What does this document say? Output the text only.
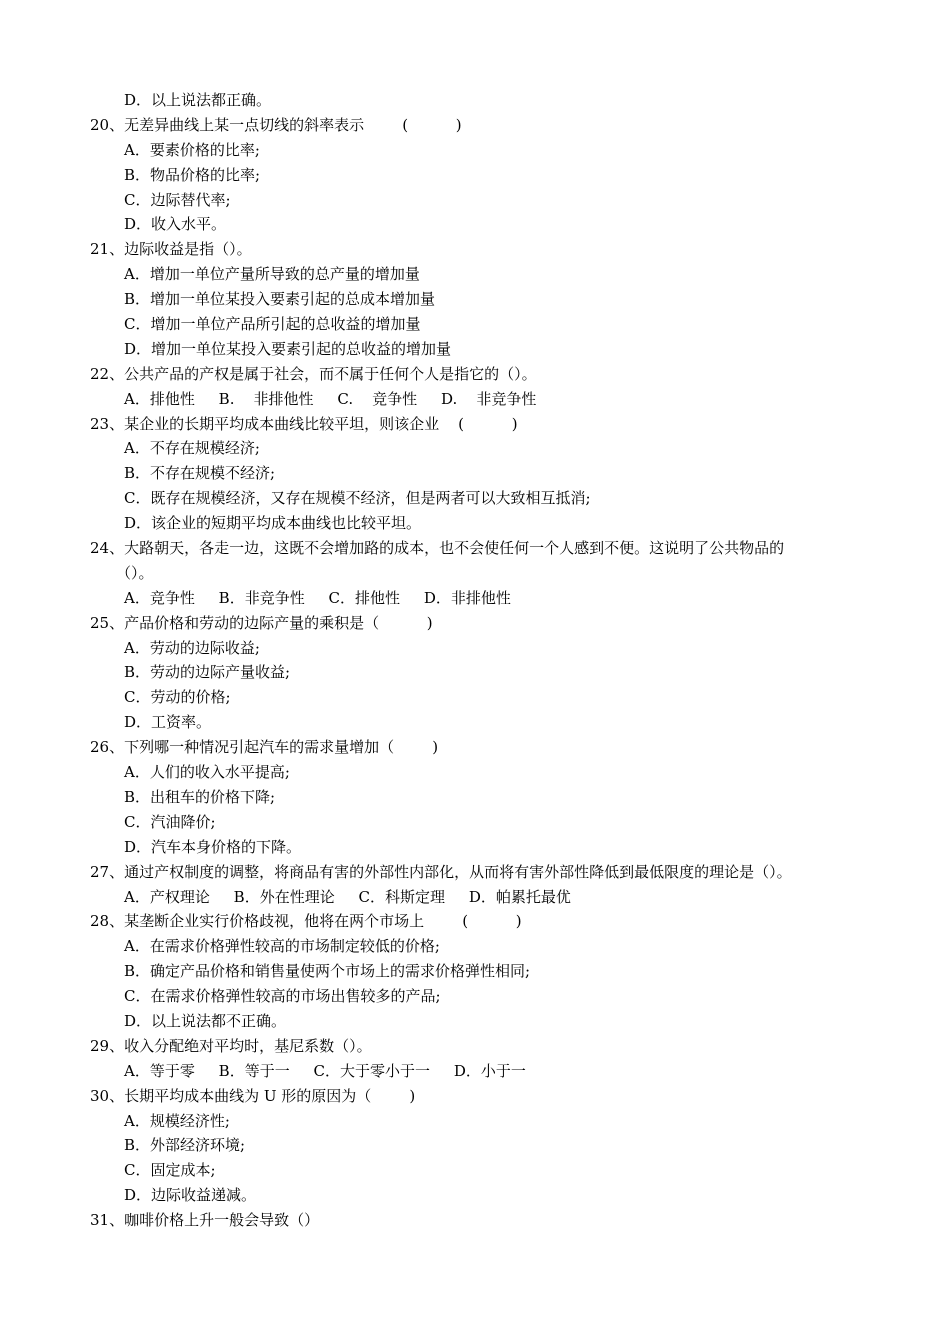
D．以上说法都正确。
20、无差异曲线上某一点切线的斜率表示        (          )
A．要素价格的比率;
B．物品价格的比率;
C．边际替代率;
D．收入水平。
21、边际收益是指（）。
A．增加一单位产量所导致的总产量的增加量
B．增加一单位某投入要素引起的总成本增加量
C．增加一单位产品所引起的总收益的增加量
D．增加一单位某投入要素引起的总收益的增加量
22、公共产品的产权是属于社会，而不属于任何个人是指它的（）。
A．排他性     B.    非排他性     C.    竞争性     D.    非竞争性
23、某企业的长期平均成本曲线比较平坦，则该企业    (          )
A．不存在规模经济;
B．不存在规模不经济;
C．既存在规模经济，又存在规模不经济，但是两者可以大致相互抵消;
D．该企业的短期平均成本曲线也比较平坦。
24、大路朝天，各走一边，这既不会增加路的成本，也不会使任何一个人感到不便。这说明了公共物品的
（）。
A．竞争性     B．非竞争性     C．排他性     D．非排他性
25、产品价格和劳动的边际产量的乘积是（          )
A．劳动的边际收益;
B．劳动的边际产量收益;
C．劳动的价格;
D．工资率。
26、下列哪一种情况引起汽车的需求量增加（        )
A．人们的收入水平提高;
B．出租车的价格下降;
C．汽油降价;
D．汽车本身价格的下降。
27、通过产权制度的调整，将商品有害的外部性内部化，从而将有害外部性降低到最低限度的理论是（）。
A．产权理论     B．外在性理论     C．科斯定理     D．帕累托最优
28、某垄断企业实行价格歧视，他将在两个市场上        (          )
A．在需求价格弹性较高的市场制定较低的价格;
B．确定产品价格和销售量使两个市场上的需求价格弹性相同;
C．在需求价格弹性较高的市场出售较多的产品;
D．以上说法都不正确。
29、收入分配绝对平均时，基尼系数（）。
A．等于零     B．等于一     C．大于零小于一     D．小于一
30、长期平均成本曲线为 U 形的原因为（        )
A．规模经济性;
B．外部经济环境;
C．固定成本;
D．边际收益递减。
31、咖啡价格上升一般会导致（）
